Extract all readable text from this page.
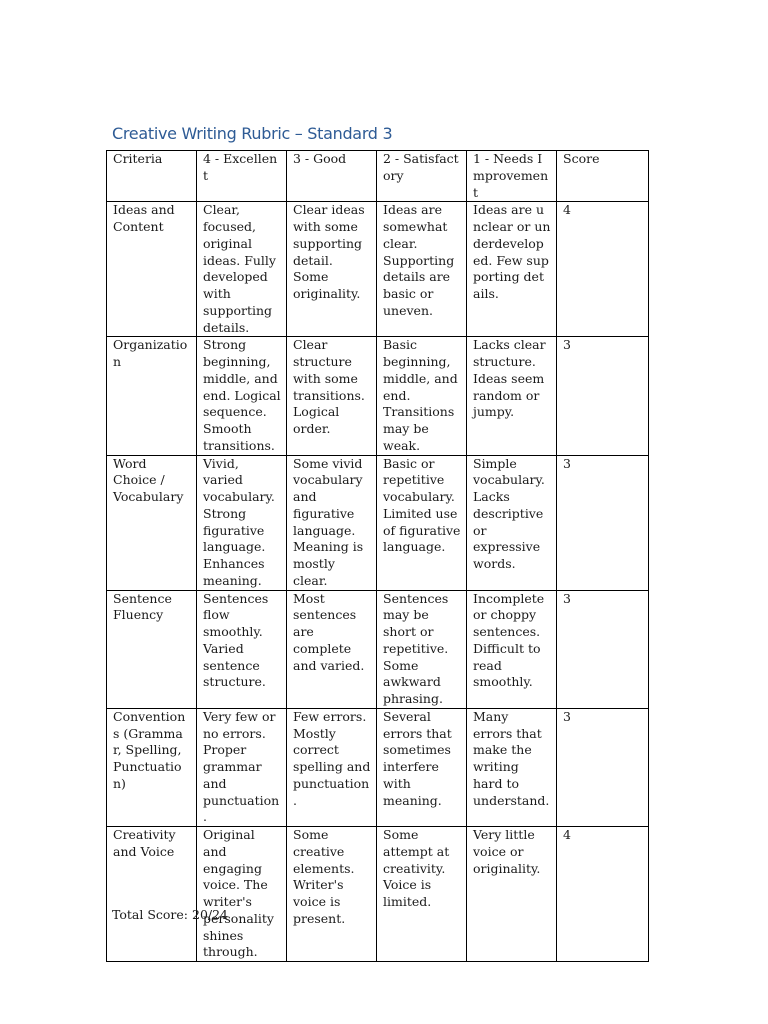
Creative Writing Rubric – Standard 3
Criteria	4 - Excellent	3 - Good	2 - Satisfactory	1 - Needs Improvement	Score

Ideas and Content	Clear, focused, original ideas. Fully developed with supporting details.	Clear ideas with some supporting detail. Some originality.	Ideas are somewhat clear. Supporting details are basic or uneven.	Ideas are unclear or underdeveloped. Few supporting details.	4

Organization	Strong beginning, middle, and end. Logical sequence. Smooth transitions.	Clear structure with some transitions. Logical order.	Basic beginning, middle, and end. Transitions may be weak.	Lacks clear structure. Ideas seem random or jumpy.	3

Word Choice / Vocabulary	Vivid, varied vocabulary. Strong figurative language. Enhances meaning.	Some vivid vocabulary and figurative language. Meaning is mostly clear.	Basic or repetitive vocabulary. Limited use of figurative language.	Simple vocabulary. Lacks descriptive or expressive words.	3

Sentence Fluency	Sentences flow smoothly. Varied sentence structure.	Most sentences are complete and varied.	Sentences may be short or repetitive. Some awkward phrasing.	Incomplete or choppy sentences. Difficult to read smoothly.	3
Conventions (Grammar, Spelling, Punctuation)	Very few or no errors. Proper grammar and punctuation.	Few errors. Mostly correct spelling and punctuation.	Several errors that sometimes interfere with meaning.	Many errors that make the writing hard to understand.	3

Creativity and Voice	Original and engaging voice. The writer's personality shines through.	Some creative elements. Writer's voice is present.	Some attempt at creativity. Voice is limited.	Very little voice or originality.	4
Total Score: 20/24
